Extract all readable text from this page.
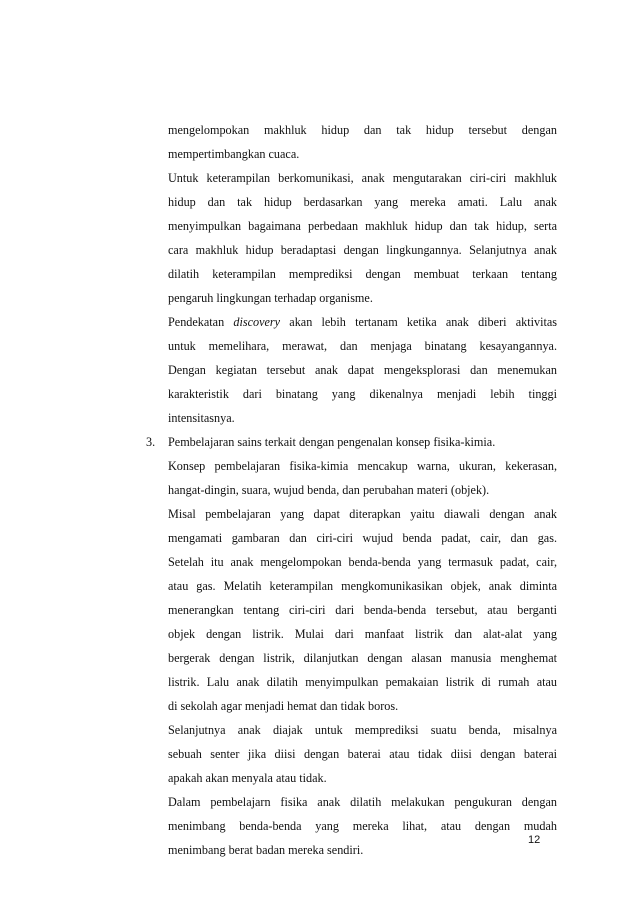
mengelompokan makhluk hidup dan tak hidup tersebut dengan
mempertimbangkan cuaca.
Untuk keterampilan berkomunikasi, anak mengutarakan ciri-ciri makhluk
hidup dan tak hidup berdasarkan yang mereka amati. Lalu anak
menyimpulkan bagaimana perbedaan makhluk hidup dan tak hidup, serta
cara makhluk hidup beradaptasi dengan lingkungannya. Selanjutnya anak
dilatih keterampilan memprediksi dengan membuat terkaan tentang
pengaruh lingkungan terhadap organisme.
Pendekatan discovery akan lebih tertanam ketika anak diberi aktivitas
untuk memelihara, merawat, dan menjaga binatang kesayangannya.
Dengan kegiatan tersebut anak dapat mengeksplorasi dan menemukan
karakteristik dari binatang yang dikenalnya menjadi lebih tinggi
intensitasnya.
3. Pembelajaran sains terkait dengan pengenalan konsep fisika-kimia.
Konsep pembelajaran fisika-kimia mencakup warna, ukuran, kekerasan,
hangat-dingin, suara, wujud benda, dan perubahan materi (objek).
Misal pembelajaran yang dapat diterapkan yaitu diawali dengan anak
mengamati gambaran dan ciri-ciri wujud benda padat, cair, dan gas.
Setelah itu anak mengelompokan benda-benda yang termasuk padat, cair,
atau gas. Melatih keterampilan mengkomunikasikan objek, anak diminta
menerangkan tentang ciri-ciri dari benda-benda tersebut, atau berganti
objek dengan listrik. Mulai dari manfaat listrik dan alat-alat yang
bergerak dengan listrik, dilanjutkan dengan alasan manusia menghemat
listrik. Lalu anak dilatih menyimpulkan pemakaian listrik di rumah atau
di sekolah agar menjadi hemat dan tidak boros.
Selanjutnya anak diajak untuk memprediksi suatu benda, misalnya
sebuah senter jika diisi dengan baterai atau tidak diisi dengan baterai
apakah akan menyala atau tidak.
Dalam pembelajarn fisika anak dilatih melakukan pengukuran dengan
menimbang benda-benda yang mereka lihat, atau dengan mudah
menimbang berat badan mereka sendiri.
12
